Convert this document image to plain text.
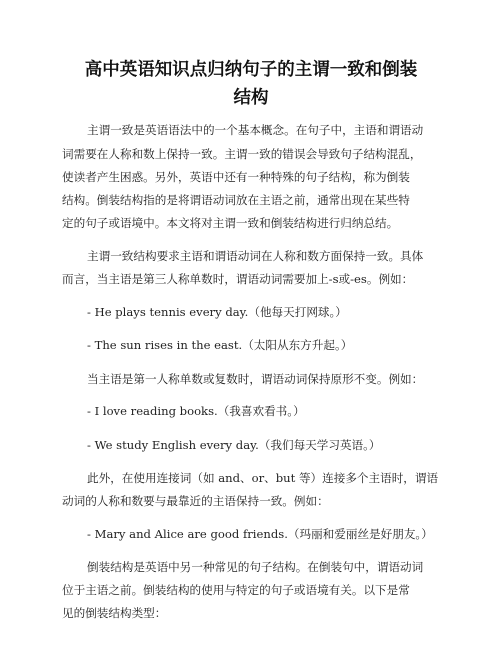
高中英语知识点归纳句子的主谓一致和倒装
结构
主谓一致是英语语法中的一个基本概念。在句子中，主语和谓语动
词需要在人称和数上保持一致。主谓一致的错误会导致句子结构混乱，
使读者产生困惑。另外，英语中还有一种特殊的句子结构，称为倒装
结构。倒装结构指的是将谓语动词放在主语之前，通常出现在某些特
定的句子或语境中。本文将对主谓一致和倒装结构进行归纳总结。
主谓一致结构要求主语和谓语动词在人称和数方面保持一致。具体
而言，当主语是第三人称单数时，谓语动词需要加上-s或-es。例如：
- He plays tennis every day.（他每天打网球。）
- The sun rises in the east.（太阳从东方升起。）
当主语是第一人称单数或复数时，谓语动词保持原形不变。例如：
- I love reading books.（我喜欢看书。）
- We study English every day.（我们每天学习英语。）
此外，在使用连接词（如 and、or、but 等）连接多个主语时，谓语
动词的人称和数要与最靠近的主语保持一致。例如：
- Mary and Alice are good friends.（玛丽和爱丽丝是好朋友。）
倒装结构是英语中另一种常见的句子结构。在倒装句中，谓语动词
位于主语之前。倒装结构的使用与特定的句子或语境有关。以下是常
见的倒装结构类型：
